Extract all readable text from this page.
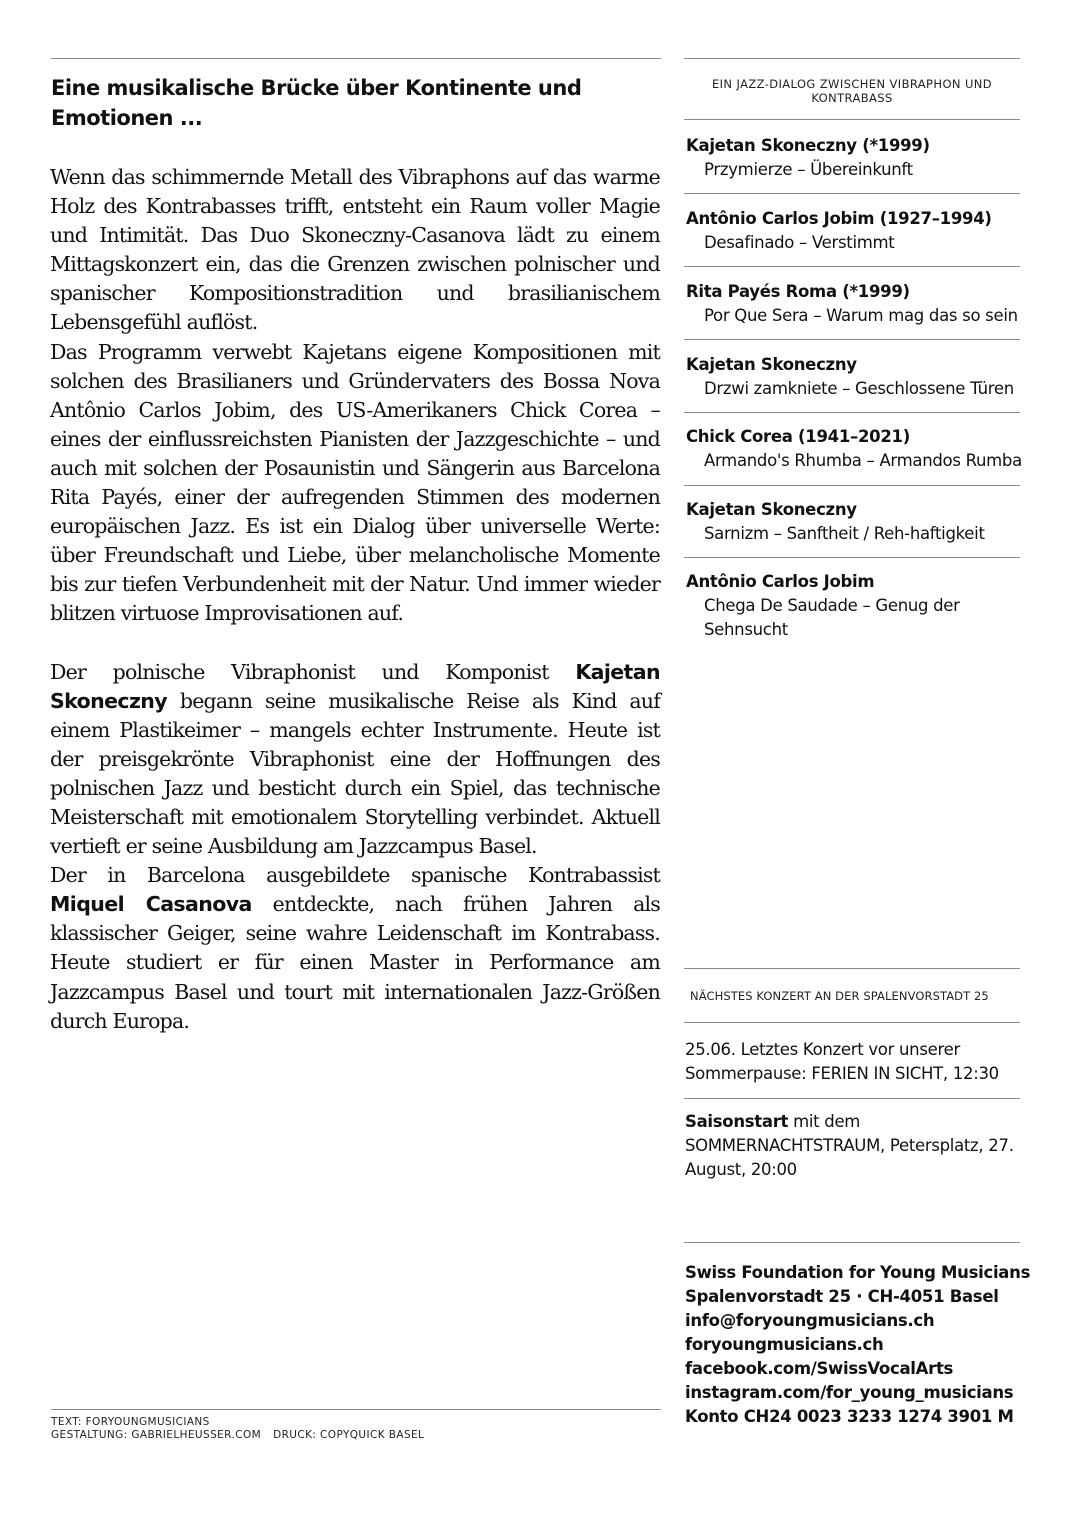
Eine musikalische Brücke über Kontinente und
Emotionen ...

Wenn das schimmernde Metall des Vibraphons auf das warme Holz des Kontrabasses trifft, entsteht ein Raum voller Magie und Intimität. Das Duo Skoneczny-Casanova lädt zu einem Mittagskonzert ein, das die Grenzen zwischen polnischer und spanischer Kompositionstradition und brasilianischem Lebensgefühl auflöst.

Das Programm verwebt Kajetans eigene Kompositionen mit solchen des Brasilianers und Gründervaters des Bossa Nova Antônio Carlos Jobim, des US-Amerikaners Chick Corea – eines der einflussreichsten Pianisten der Jazzgeschichte – und auch mit solchen der Posaunistin und Sängerin aus Barcelona Rita Payés, einer der aufregenden Stimmen des modernen europäischen Jazz. Es ist ein Dialog über universelle Werte: über Freundschaft und Liebe, über melancholische Momente bis zur tiefen Verbundenheit mit der Natur. Und immer wieder blitzen virtuose Improvisationen auf.

Der polnische Vibraphonist und Komponist Kajetan Skoneczny begann seine musikalische Reise als Kind auf einem Plastikeimer – mangels echter Instrumente. Heute ist der preisgekrönte Vibraphonist eine der Hoffnungen des polnischen Jazz und besticht durch ein Spiel, das technische Meisterschaft mit emotionalem Storytelling verbindet. Aktuell vertieft er seine Ausbildung am Jazzcampus Basel.

Der in Barcelona ausgebildete spanische Kontrabassist Miquel Casanova entdeckte, nach frühen Jahren als klassischer Geiger, seine wahre Leidenschaft im Kontrabass. Heute studiert er für einen Master in Performance am Jazzcampus Basel und tourt mit internationalen Jazz-Größen durch Europa.

TEXT: FORYOUNGMUSICIANS
GESTALTUNG: GABRIELHEUSSER.COM DRUCK: COPYQUICK BASEL
EIN JAZZ-DIALOG ZWISCHEN VIBRAPHON UND KONTRABASS
Kajetan Skoneczny (*1999)
Przymierze – Übereinkunft
Antônio Carlos Jobim (1927–1994)
Desafinado – Verstimmt
Rita Payés Roma (*1999)
Por Que Sera – Warum mag das so sein
Kajetan Skoneczny
Drzwi zamkniete – Geschlossene Türen
Chick Corea (1941–2021)
Armando's Rhumba – Armandos Rumba
Kajetan Skoneczny
Sarnizm – Sanftheit / Reh-haftigkeit
Antônio Carlos Jobim
Chega De Saudade – Genug der Sehnsucht
NÄCHSTES KONZERT AN DER SPALENVORSTADT 25
25.06. Letztes Konzert vor unserer Sommerpause: FERIEN IN SICHT, 12:30
Saisonstart mit dem SOMMERNACHTSTRAUM, Petersplatz, 27. August, 20:00
Swiss Foundation for Young Musicians
Spalenvorstadt 25 · CH-4051 Basel
info@foryoungmusicians.ch
foryoungmusicians.ch
facebook.com/SwissVocalArts
instagram.com/for_young_musicians
Konto CH24 0023 3233 1274 3901 M
